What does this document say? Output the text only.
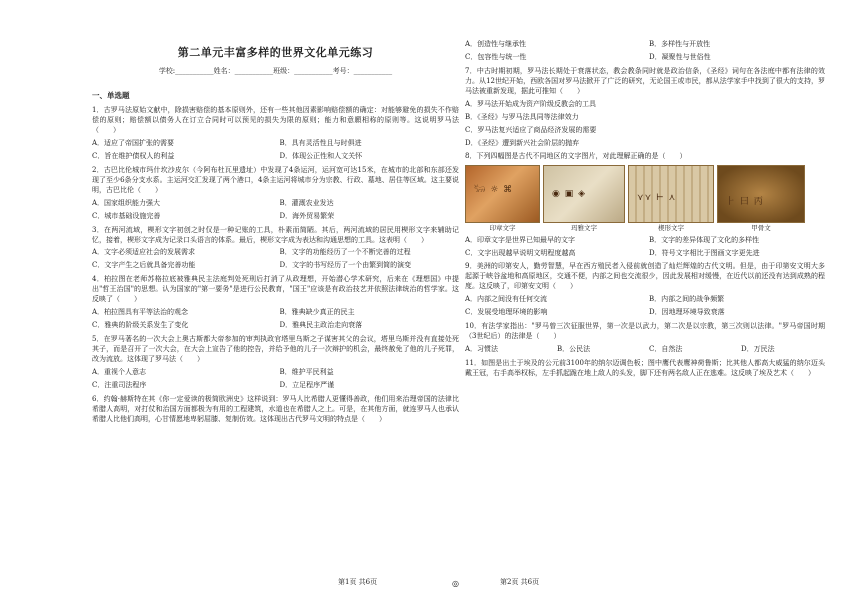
第二单元丰富多样的世界文化单元练习
学校:___________姓名：___________班级：___________考号：___________
一、单选题
1．古罗马法原始文献中，除损害赔偿的基本原则外，还有一些其他因素影响赔偿额的确定：对能够避免的损失不作赔偿的原则；赔偿额以债务人在订立合同时可以预见的损失为限的原则；能力和意願相称的原则等。这说明罗马法（　　）
A．适应了帝国扩张的需要	B．具有灵活性且与时俱进
C．旨在维护债权人的利益	D．体现公正性和人文关怀
2．古巴比伦城市玛什坎沙皮尔（今阿布杜瓦里遗址）中发现了4条运河，运河宽可达15米，在城市的北部和东部还发现了至少6条分支水系。主运河交汇发现了两个港口，4条主运河将城市分为宗教、行政、墓地、居住等区域。这主要说明，古巴比伦（　　）
A．国家组织能力强大	B．灌溉农业发达
C．城市基础设施完善	D．海外贸易繁荣
3．在两河流域，楔形文字初创之时仅是一种记账的工具，朴素而简陋。其后，两河流域的居民用楔形文字来辅助记忆，接着，楔形文字成为记录口头语言的体系。最后，楔形文字成为表达和沟通思想的工具。这表明（　　）
A．文字必须适应社会的发展需求	B．文字的功能经历了一个不断完善的过程
C．文字产生之后就具备完善功能	D．文字的书写经历了一个由繁到简的演变
4．柏拉图在老师苏格拉底被雅典民主法庭判处死刑后打消了从政理想，开始潜心学术研究，后来在《理想国》中提出"哲王治国"的思想。认为国家的"第一要务"是进行公民教育，"国王"应该是有政治技艺并依照法律统治的哲学家。这反映了（　　）
A．柏拉图具有平等法治的观念	B．雅典缺少真正的民主
C．雅典的阶级关系发生了变化	D．雅典民主政治走向衰落
5．在罗马著名的一次大会上奥古斯都大帝参加的审判执政官塔里乌斯之子谋害其父的会议，塔里乌斯并没有直接处死其子，而是召开了一次大会，在大会上宣告了他的控告，并给予他的儿子一次辩护的机会，最终赦免了他的儿子死罪，改为流放。这体现了罗马法（　　）
A．重视个人意志	B．维护平民利益
C．注重司法程序	D．立足程序严谨
6．约翰·赫斯特在其《你一定爱读的极简欧洲史》这样说到：罗马人比希腊人更懂得善政，他们用来治理帝国的法律比希腊人高明，对打仗和治国方面都极为有用的工程建筑，水道也在希腊人之上。可是，在其他方面，就连罗马人也承认希腊人比他们高明，心甘情愿地卑躬屈膝、复制仿效。这体现出古代罗马文明的特点是（　　）
A．创造性与继承性	B．多样性与开放性
C．包容性与统一性	D．凝聚性与世俗性
7．中古时期初期，罗马法长期处于衰落状态，教会教条同时就是政治信条，《圣经》词句在各法庭中都有法律的效力。从12世纪开始，西欧各国对罗马法掀开了广泛的研究，无论国王或市民，都从法学家手中找到了很大的支持，罗马法被重新发现，据此可推知（　　）
A．罗马法开始成为资产阶级反教会的工具
B．《圣经》与罗马法具同等法律效力
C．罗马法复兴适应了商品经济发展的需要
D．《圣经》遭到新兴社会阶层的抛弃
8．下列四幅图是古代不同地区的文字图片，对此理解正确的是（　　）
𓃒 ☼ ⌘
印章文字
◉ ▣ ◈
玛雅文字
⋎⋎ ⊢ ⋏
楔形文字
⺊ 曰 丙
甲骨文
A．印章文字是世界已知最早的文字	B．文字的差异体现了文化的多样性
C．文字出现越早说明文明程度越高	D．符号文字相比于图画文字更先进
9．美洲的印第安人，勤劳智慧，早在西方殖民者入侵前就创造了灿烂辉煌的古代文明。但是，由于印第安文明大多起源于峡谷盆地和高原地区，交通不便，内部之间也交流很少，因此发展相对缓慢，在近代以前还没有达到成熟的程度。这反映了，印第安文明（　　）
A．内部之间没有任何交流	B．内部之间的战争频繁
C．发展受地理环境的影响	D．因地理环境导致衰落
10．有法学家指出："罗马曾三次征服世界，第一次是以武力，第二次是以宗教，第三次则以法律。"罗马帝国时期（3世纪后）的法律是（　　）
A．习惯法	B．公民法	C．自然法	D．万民法
11．如图是出土于埃及的公元前3100年的纳尔迈调色板；图中鹰代表鹰神荷鲁斯；比其他人都高大威猛的纳尔迈头戴王冠，右手高举权标，左手抓起跪在地上敌人的头发，脚下还有两名敌人正在逃难。这反映了埃及艺术（　　）
第1页 共6页	◎	第2页 共6页
